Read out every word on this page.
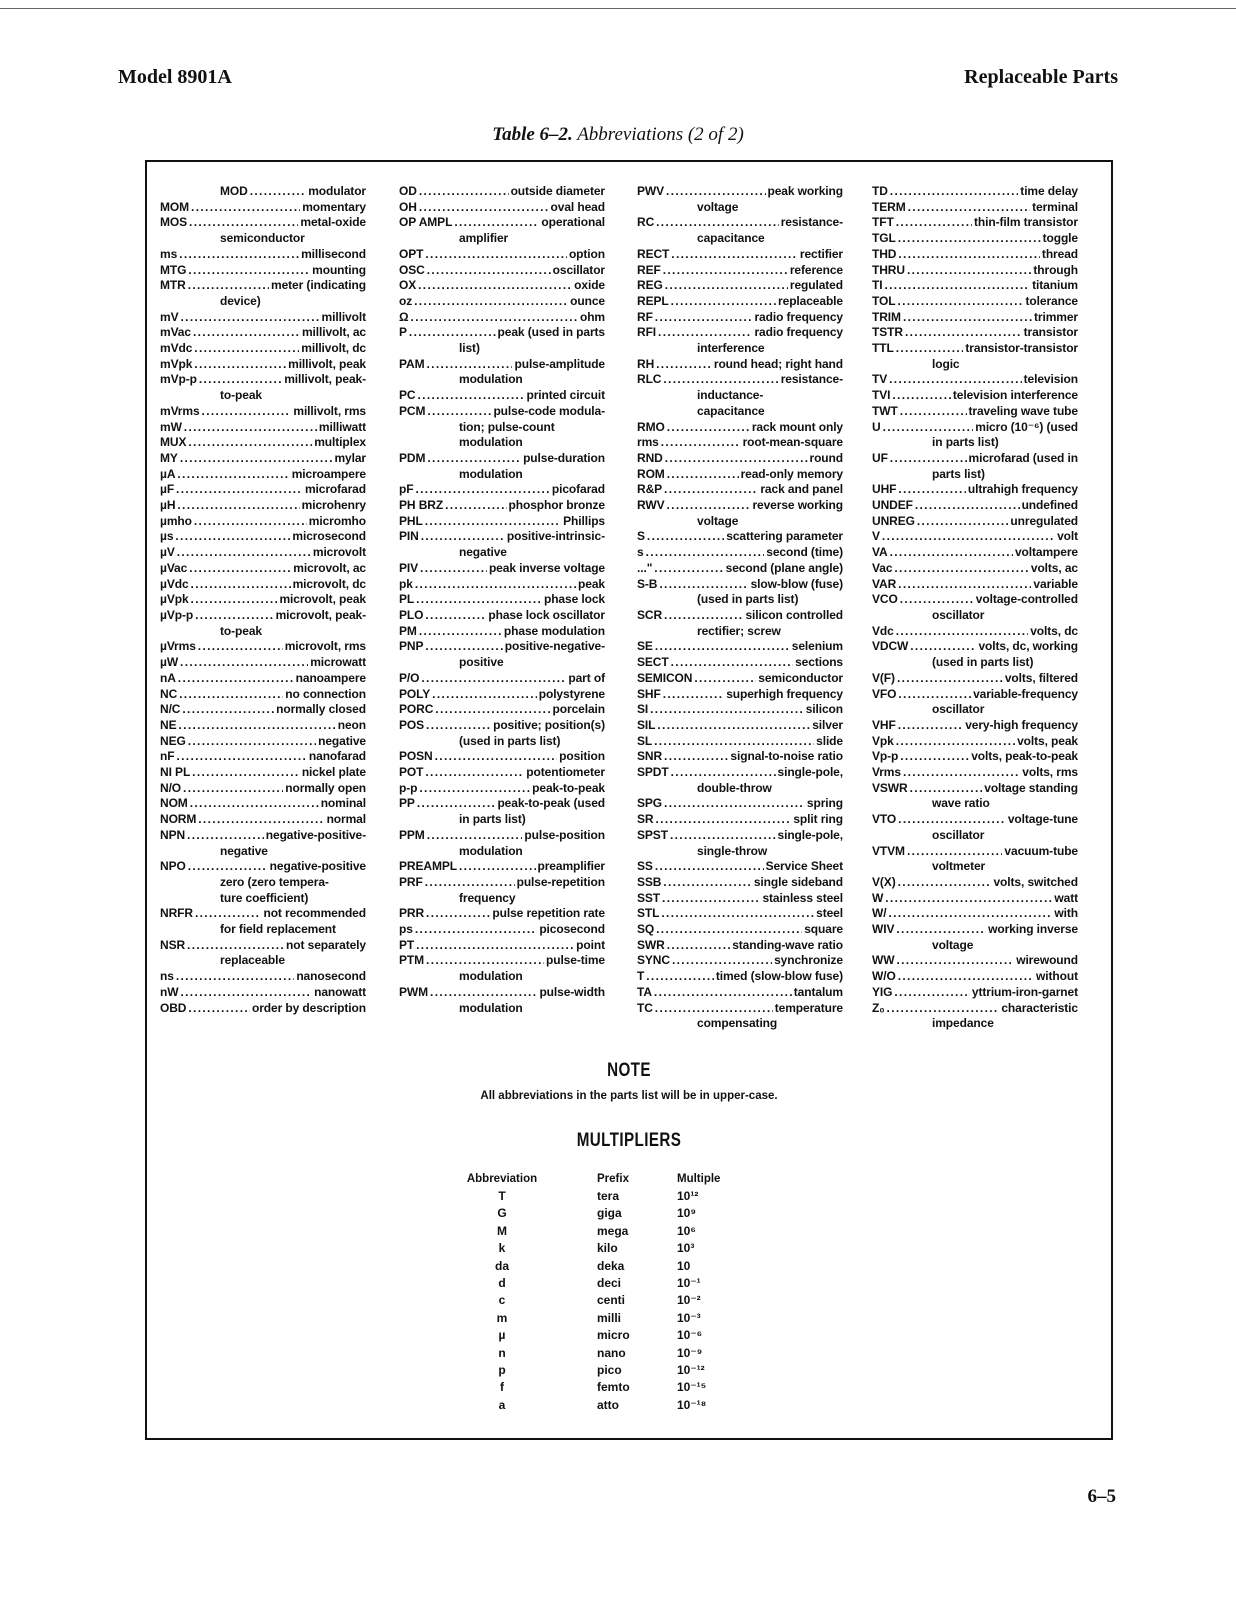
Model 8901A	Replaceable Parts
Table 6–2. Abbreviations (2 of 2)
MOD . . .	modulator
MOM . . .	momentary
MOS . . .	metal-oxide
semiconductor
ms . . .	millisecond
MTG . . .	mounting
MTR . . .	meter (indicating
device)
mV . . .	millivolt
mVac . . .	millivolt, ac
mVdc . . .	millivolt, dc
mVpk . . .	millivolt, peak
mVp-p . . .	millivolt, peak-
to-peak
mVrms . . .	millivolt, rms
mW . . .	milliwatt
MUX . . .	multiplex
MY . . .	mylar
µA . . .	microampere
µF . . .	microfarad
µH . . .	microhenry
µmho . . .	micromho
µs . . .	microsecond
µV . . .	microvolt
µVac . . .	microvolt, ac
µVdc . . .	microvolt, dc
µVpk . . .	microvolt, peak
µVp-p . . .	microvolt, peak-
to-peak
µVrms . . .	microvolt, rms
µW . . .	microwatt
nA . . .	nanoampere
NC . . .	no connection
N/C . . .	normally closed
NE . . .	neon
NEG . . .	negative
nF . . .	nanofarad
NI PL . . .	nickel plate
N/O . . .	normally open
NOM . . .	nominal
NORM . . .	normal
NPN . . .	negative-positive-
negative
NPO . . .	negative-positive
zero (zero tempera-
ture coefficient)
NRFR . . .	not recommended
for field replacement
NSR . . .	not separately
replaceable
ns . . .	nanosecond
nW . . .	nanowatt
OBD . . .	order by description
OD . . .	outside diameter
OH . . .	oval head
OP AMPL . . .	operational
amplifier
OPT . . .	option
OSC . . .	oscillator
OX . . .	oxide
oz . . .	ounce
Ω . . .	ohm
P . . .	peak (used in parts
list)
PAM . . .	pulse-amplitude
modulation
PC . . .	printed circuit
PCM . . .	pulse-code modula-
tion; pulse-count
modulation
PDM . . .	pulse-duration
modulation
pF . . .	picofarad
PH BRZ . . .	phosphor bronze
PHL . . .	Phillips
PIN . . .	positive-intrinsic-
negative
PIV . . .	peak inverse voltage
pk . . .	peak
PL . . .	phase lock
PLO . . .	phase lock oscillator
PM . . .	phase modulation
PNP . . .	positive-negative-
positive
P/O . . .	part of
POLY . . .	polystyrene
PORC . . .	porcelain
POS . . .	positive; position(s)
(used in parts list)
POSN . . .	position
POT . . .	potentiometer
p-p . . .	peak-to-peak
PP . . .	peak-to-peak (used
in parts list)
PPM . . .	pulse-position
modulation
PREAMPL . . .	preamplifier
PRF . . .	pulse-repetition
frequency
PRR . . .	pulse repetition rate
ps . . .	picosecond
PT . . .	point
PTM . . .	pulse-time
modulation
PWM . . .	pulse-width
modulation
PWV . . .	peak working
voltage
RC . . .	resistance-
capacitance
RECT . . .	rectifier
REF . . .	reference
REG . . .	regulated
REPL . . .	replaceable
RF . . .	radio frequency
RFI . . .	radio frequency
interference
RH . . .	round head; right hand
RLC . . .	resistance-
inductance-
capacitance
RMO . . .	rack mount only
rms . . .	root-mean-square
RND . . .	round
ROM . . .	read-only memory
R&P . . .	rack and panel
RWV . . .	reverse working
voltage
S . . .	scattering parameter
s . . .	second (time)
..." . . .	second (plane angle)
S-B . . .	slow-blow (fuse)
(used in parts list)
SCR . . .	silicon controlled
rectifier; screw
SE . . .	selenium
SECT . . .	sections
SEMICON . . .	semiconductor
SHF . . .	superhigh frequency
SI . . .	silicon
SIL . . .	silver
SL . . .	slide
SNR . . .	signal-to-noise ratio
SPDT . . .	single-pole,
double-throw
SPG . . .	spring
SR . . .	split ring
SPST . . .	single-pole,
single-throw
SS . . .	Service Sheet
SSB . . .	single sideband
SST . . .	stainless steel
STL . . .	steel
SQ . . .	square
SWR . . .	standing-wave ratio
SYNC . . .	synchronize
T . . .	timed (slow-blow fuse)
TA . . .	tantalum
TC . . .	temperature
compensating
TD . . .	time delay
TERM . . .	terminal
TFT . . .	thin-film transistor
TGL . . .	toggle
THD . . .	thread
THRU . . .	through
TI . . .	titanium
TOL . . .	tolerance
TRIM . . .	trimmer
TSTR . . .	transistor
TTL . . .	transistor-transistor
logic
TV . . .	television
TVI . . .	television interference
TWT . . .	traveling wave tube
U . . .	micro (10⁻⁶) (used
in parts list)
UF . . .	microfarad (used in
parts list)
UHF . . .	ultrahigh frequency
UNDEF . . .	undefined
UNREG . . .	unregulated
V . . .	volt
VA . . .	voltampere
Vac . . .	volts, ac
VAR . . .	variable
VCO . . .	voltage-controlled
oscillator
Vdc . . .	volts, dc
VDCW . . .	volts, dc, working
(used in parts list)
V(F) . . .	volts, filtered
VFO . . .	variable-frequency
oscillator
VHF . . .	very-high frequency
Vpk . . .	volts, peak
Vp-p . . .	volts, peak-to-peak
Vrms . . .	volts, rms
VSWR . . .	voltage standing
wave ratio
VTO . . .	voltage-tune
oscillator
VTVM . . .	vacuum-tube
voltmeter
V(X) . . .	volts, switched
W . . .	watt
W/ . . .	with
WIV . . .	working inverse
voltage
WW . . .	wirewound
W/O . . .	without
YIG . . .	yttrium-iron-garnet
Z₀ . . .	characteristic
impedance
NOTE
All abbreviations in the parts list will be in upper-case.
MULTIPLIERS
Abbreviation	Prefix	Multiple
T	tera	10¹²
G	giga	10⁹
M	mega	10⁶
k	kilo	10³
da	deka	10
d	deci	10⁻¹
c	centi	10⁻²
m	milli	10⁻³
µ	micro	10⁻⁶
n	nano	10⁻⁹
p	pico	10⁻¹²
f	femto	10⁻¹⁵
a	atto	10⁻¹⁸
6–5
